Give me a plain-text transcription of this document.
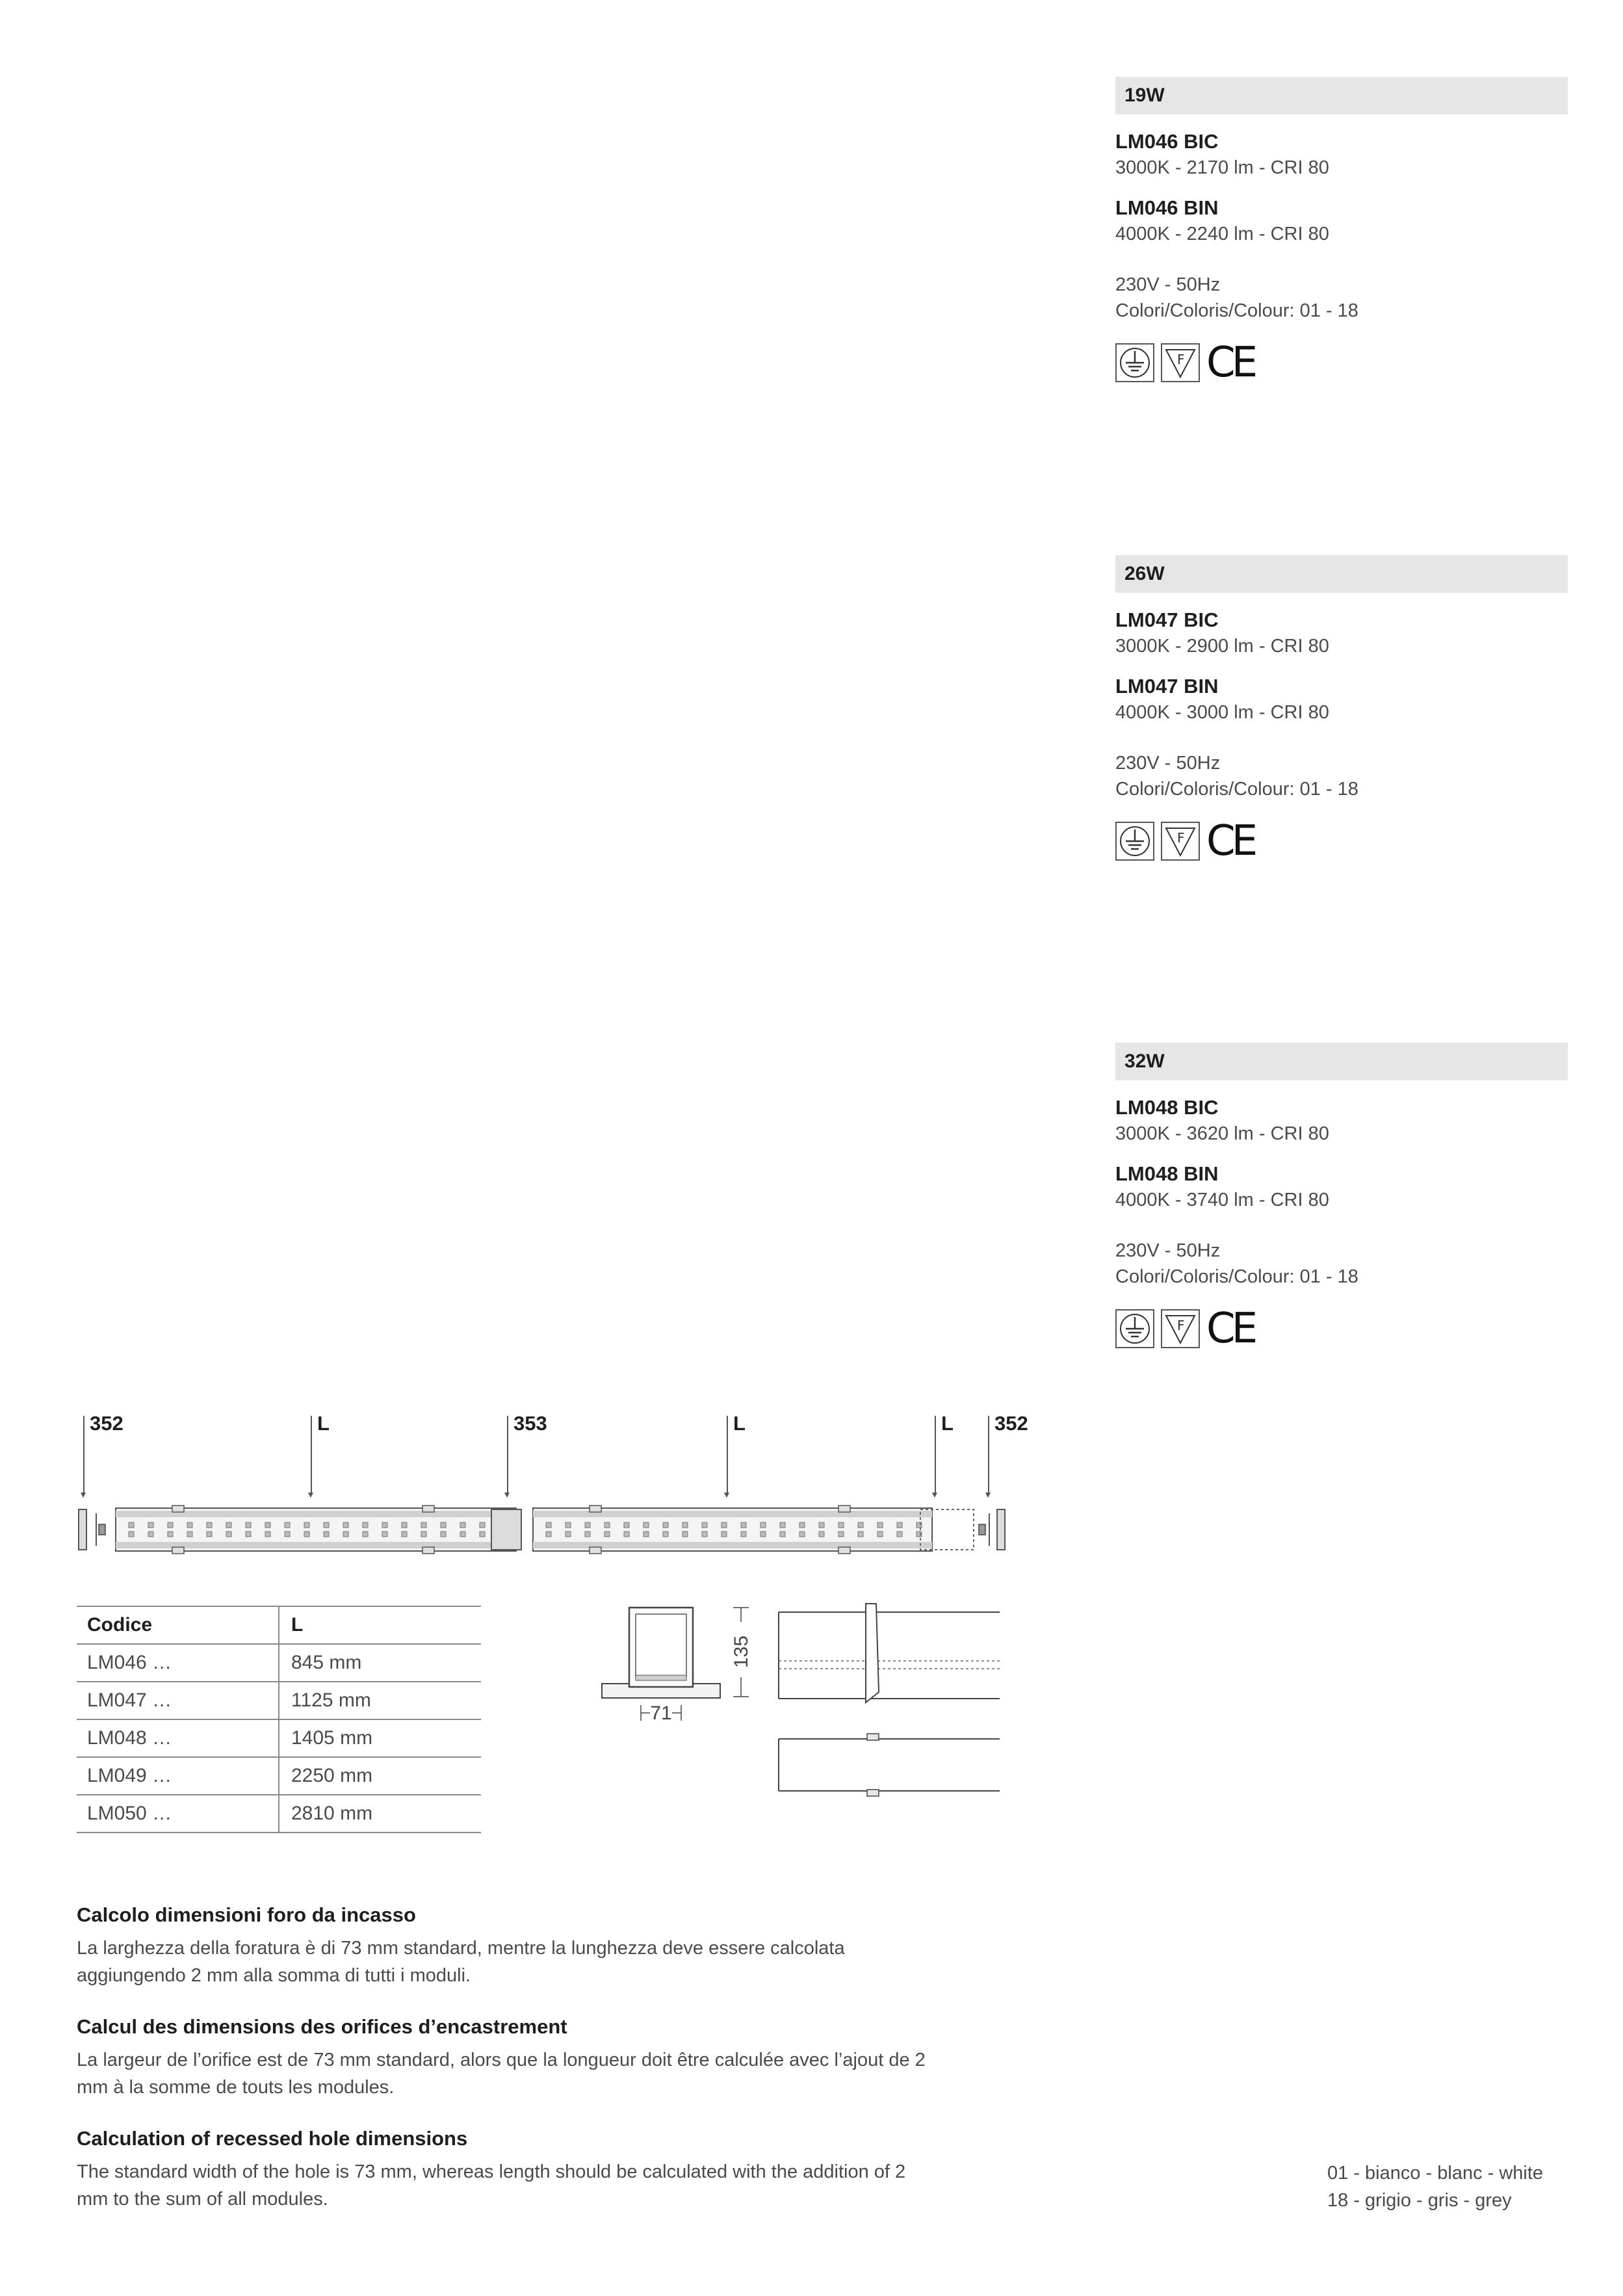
19W
LM046 BIC
3000K - 2170 lm - CRI 80
LM046 BIN
4000K - 2240 lm - CRI 80
230V - 50Hz
Colori/Coloris/Colour: 01 - 18
F CE
26W
LM047 BIC
3000K - 2900 lm - CRI 80
LM047 BIN
4000K - 3000 lm - CRI 80
230V - 50Hz
Colori/Coloris/Colour: 01 - 18
F CE
32W
LM048 BIC
3000K - 3620 lm - CRI 80
LM048 BIN
4000K - 3740 lm - CRI 80
230V - 50Hz
Colori/Coloris/Colour: 01 - 18
F CE
352	L	353	L	L 352
Codice	L
LM046 …	845 mm
LM047 …	1125 mm
LM048 …	1405 mm
LM049 …	2250 mm
LM050 …	2810 mm
71
135
Calcolo dimensioni foro da incasso
La larghezza della foratura è di 73 mm standard, mentre la lunghezza deve essere calcolata aggiungendo 2 mm alla somma di tutti i moduli.
Calcul des dimensions des orifices d’encastrement
La largeur de l’orifice est de 73 mm standard, alors que la longueur doit être calculée avec l’ajout de 2 mm à la somme de touts les modules.
Calculation of recessed hole dimensions
The standard width of the hole is 73 mm, whereas length should be calculated with the addition of 2 mm to the sum of all modules.
01 - bianco - blanc - white
18 - grigio - gris - grey
